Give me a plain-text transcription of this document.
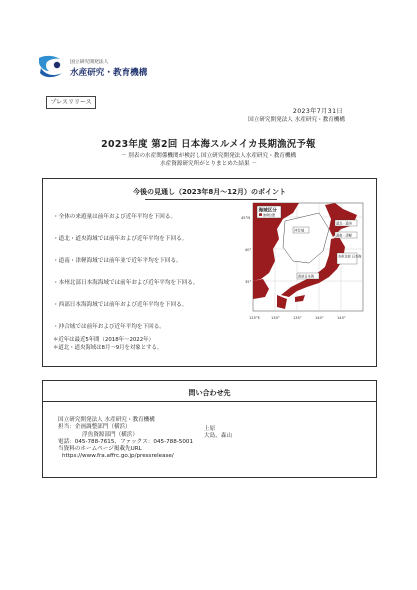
国立研究開発法人
水産研究・教育機構
プレスリリース
2023年7月31日
国立研究開発法人 水産研究・教育機構
2023年度 第2回 日本海スルメイカ長期漁況予報
－ 別表の水産関係機関が検討し国立研究開発法人水産研究・教育機構
水産資源研究所がとりまとめた結果 －
今後の見通し（2023年8月～12月）のポイント
・全体の来遊量は前年および近年平均を下回る。
・道北・道央海域では前年および近年平均を下回る。
・道南・津軽海域では前年並で近年平均を下回る。
・本州北部日本海海域では前年および近年平均を下回る。
・西部日本海海域では前年および近年平均を下回る。
・沖合域では前年および近年平均を下回る。
＊近年は最近5年間（2018年～2022年）
＊道北・道央海域は8月～9月を対象とする。
海域区分
漁場位置
沖合域
道北・道央
道南・津軽
本州北部 日本海
西部日本海
45°N
40°
35°
125°E	130°	135°	140°	145°
問い合わせ先
国立研究開発法人 水産研究・教育機構
担当：企画調整部門（横浜）
浮魚資源部門（横浜）
電話：045-788-7615、ファックス：045-788-5001
当資料のホームページ掲載先URL
https://www.fra.affrc.go.jp/pressrelease/
上原
大島、森山
